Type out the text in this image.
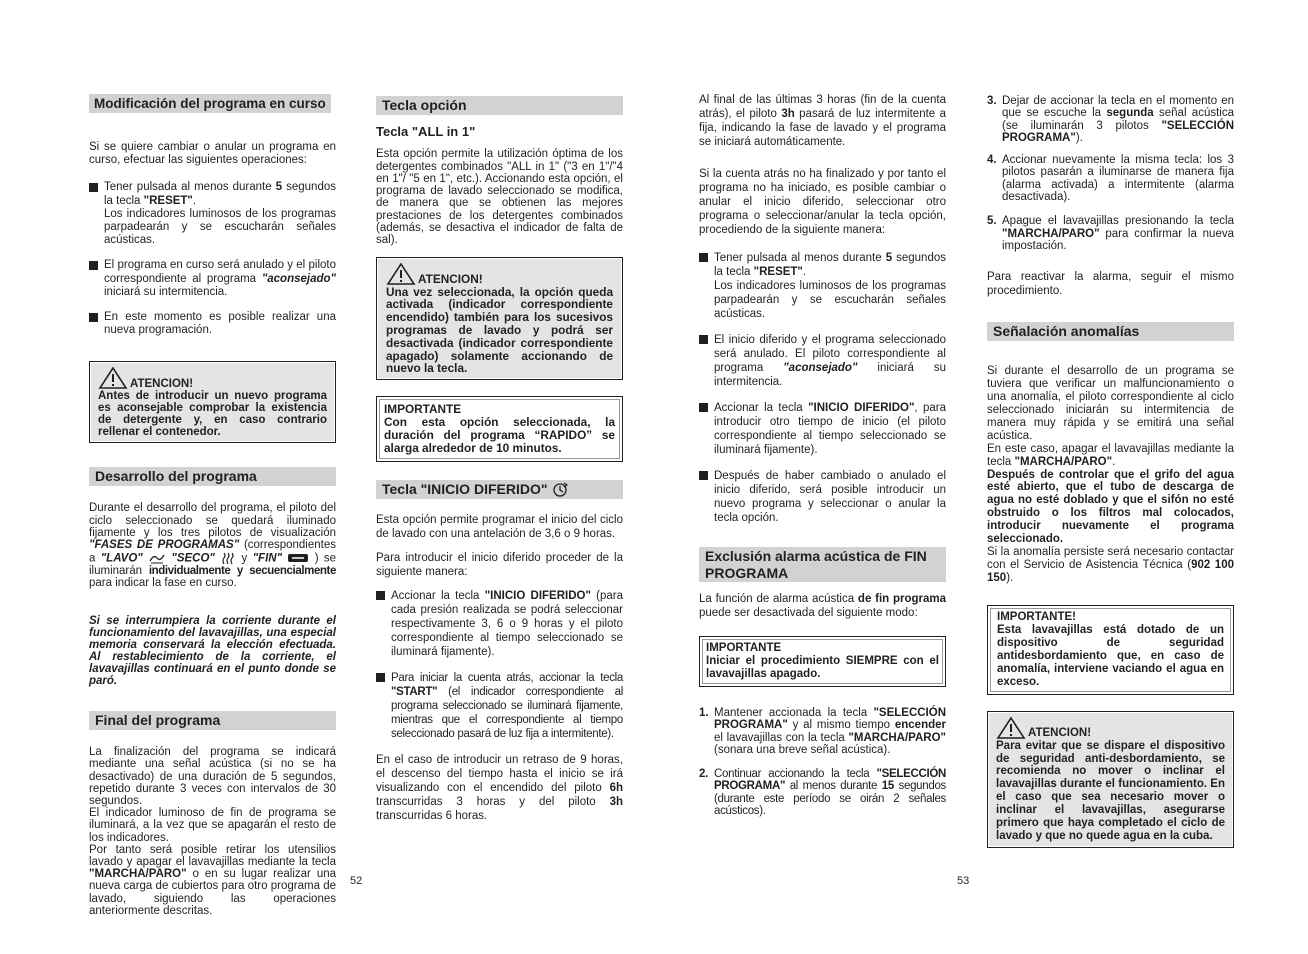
Modificación del programa en curso

Si se quiere cambiar o anular un programa en curso, efectuar las siguientes operaciones:

Tener pulsada al menos durante 5 segundos la tecla "RESET".
Los indicadores luminosos de los programas parpadearán y se escucharán señales acústicas.
El programa en curso será anulado y el piloto correspondiente al programa "aconsejado" iniciará su intermitencia.
En este momento es posible realizar una nueva programación.
ATENCION!
Antes de introducir un nuevo programa es aconsejable comprobar la existencia de detergente y, en caso contrario rellenar el contenedor.
Desarrollo del programa

Durante el desarrollo del programa, el piloto del ciclo seleccionado se quedará iluminado fijamente y los tres pilotos de visualización "FASES DE PROGRAMAS" (correspondientes a "LAVO" "SECO"  y "FIN"  ) se iluminarán individualmente y secuencialmente para indicar la fase en curso.

Si se interrumpiera la corriente durante el funcionamiento del lavavajillas, una especial memoria conservará la elección efectuada. Al restablecimiento de la corriente, el lavavajillas continuará en el punto donde se paró.

Final del programa

La finalización del programa se indicará mediante una señal acústica (si no se ha desactivado) de una duración de 5 segundos, repetido durante 3 veces con intervalos de 30 segundos.

El indicador luminoso de fin de programa se iluminará, a la vez que se apagarán el resto de los indicadores.

Por tanto será posible retirar los utensilios lavado y apagar el lavavajillas mediante la tecla "MARCHA/PARO" o en su lugar realizar una nueva carga de cubiertos para otro programa de lavado, siguiendo las operaciones anteriormente descritas.

52
Tecla opción
Tecla "ALL in 1"

Esta opción permite la utilización óptima de los detergentes combinados "ALL in 1" ("3 en 1"/"4 en 1"/ "5 en 1", etc.). Accionando esta opción, el programa de lavado seleccionado se modifica, de manera que se obtienen las mejores prestaciones de los detergentes combinados (además, se desactiva el indicador de falta de sal).

ATENCION!
Una vez seleccionada, la opción queda activada (indicador correspondiente encendido) también para los sucesivos programas de lavado y podrá ser desactivada (indicador correspondiente apagado) solamente accionando de nuevo la tecla.
IMPORTANTE
Con esta opción seleccionada, la duración del programa “RAPIDO” se alarga alrededor de 10 minutos.
Tecla "INICIO DIFERIDO"

Esta opción permite programar el inicio del ciclo de lavado con una antelación de 3,6 o 9 horas.

Para introducir el inicio diferido proceder de la siguiente manera:

Accionar la tecla "INICIO DIFERIDO" (para cada presión realizada se podrá seleccionar respectivamente 3, 6 o 9 horas y el piloto correspondiente al tiempo seleccionado se iluminará fijamente).
Para iniciar la cuenta atrás, accionar la tecla "START" (el indicador correspondiente al programa seleccionado se iluminará fijamente, mientras que el correspondiente al tiempo seleccionado pasará de luz fija a intermitente).

En el caso de introducir un retraso de 9 horas, el descenso del tiempo hasta el inicio se irá visualizando con el encendido del piloto 6h transcurridas 3 horas y del piloto 3h transcurridas 6 horas.

Al final de las últimas 3 horas (fin de la cuenta atrás), el piloto 3h pasará de luz intermitente a fija, indicando la fase de lavado y el programa se iniciará automáticamente.

Si la cuenta atrás no ha finalizado y por tanto el programa no ha iniciado, es posible cambiar o anular el inicio diferido, seleccionar otro programa o seleccionar/anular la tecla opción, procediendo de la siguiente manera:

Tener pulsada al menos durante 5 segundos la tecla "RESET".
Los indicadores luminosos de los programas parpadearán y se escucharán señales acústicas.
El inicio diferido y el programa seleccionado será anulado. El piloto correspondiente al programa "aconsejado" iniciará su intermitencia.
Accionar la tecla "INICIO DIFERIDO", para introducir otro tiempo de inicio (el piloto correspondiente al tiempo seleccionado se iluminará fijamente).
Después de haber cambiado o anulado el inicio diferido, será posible introducir un nuevo programa y seleccionar o anular la tecla opción.
Exclusión alarma acústica de FIN PROGRAMA

La función de alarma acústica de fin programa puede ser desactivada del siguiente modo:

IMPORTANTE
Iniciar el procedimiento SIEMPRE con el lavavajillas apagado.
1. Mantener accionada la tecla "SELECCIÓN PROGRAMA" y al mismo tiempo encender el lavavajillas con la tecla "MARCHA/PARO" (sonara una breve señal acústica).
2. Continuar accionando la tecla "SELECCIÓN PROGRAMA" al menos durante 15 segundos (durante este período se oirán 2 señales acústicos).
3. Dejar de accionar la tecla en el momento en que se escuche la segunda señal acústica (se iluminarán 3 pilotos "SELECCIÓN PROGRAMA").
4. Accionar nuevamente la misma tecla: los 3 pilotos pasarán a iluminarse de manera fija (alarma activada) a intermitente (alarma desactivada).
5. Apague el lavavajillas presionando la tecla "MARCHA/PARO" para confirmar la nueva impostación.

Para reactivar la alarma, seguir el mismo procedimiento.

Señalación anomalías

Si durante el desarrollo de un programa se tuviera que verificar un malfuncionamiento o una anomalía, el piloto correspondiente al ciclo seleccionado iniciarán su intermitencia de manera muy rápida y se emitirá una señal acústica.

En este caso, apagar el lavavajillas mediante la tecla "MARCHA/PARO".

Después de controlar que el grifo del agua esté abierto, que el tubo de descarga de agua no esté doblado y que el sifón no esté obstruido o los filtros mal colocados, introducir nuevamente el programa seleccionado.

Si la anomalía persiste será necesario contactar con el Servicio de Asistencia Técnica (902 100 150).

IMPORTANTE!
Esta lavavajillas está dotado de un dispositivo de seguridad antidesbordamiento que, en caso de anomalía, interviene vaciando el agua en exceso.
ATENCION!
Para evitar que se dispare el dispositivo de seguridad anti-desbordamiento, se recomienda no mover o inclinar el lavavajillas durante el funcionamiento. En el caso que sea necesario mover o inclinar el lavavajillas, asegurarse primero que haya completado el ciclo de lavado y que no quede agua en la cuba.
53
